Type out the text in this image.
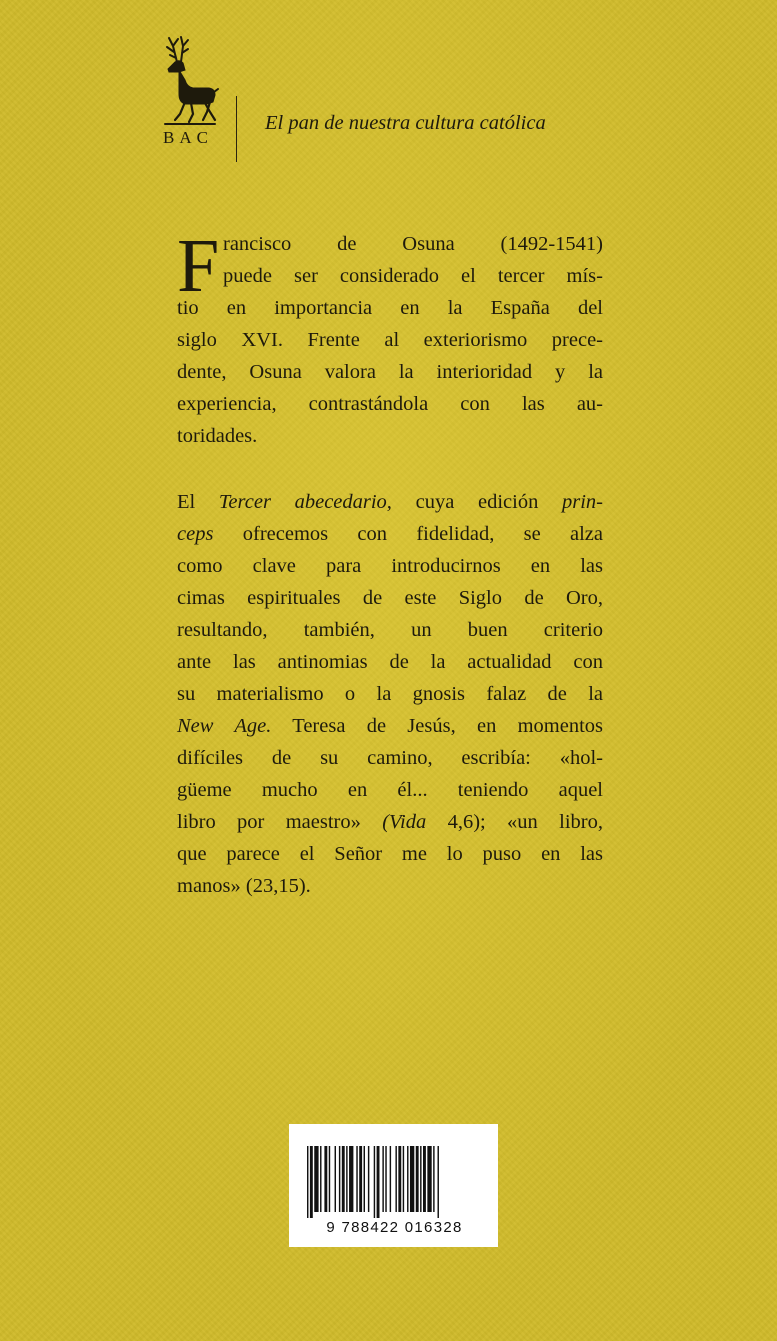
BAC
El pan de nuestra cultura católica
F rancisco de Osuna (1492-1541)
puede ser considerado el tercer mís-
tio en importancia en la España del
siglo XVI. Frente al exteriorismo prece-
dente, Osuna valora la interioridad y la
experiencia, contrastándola con las au-
toridades.
El Tercer abecedario, cuya edición prin-
ceps ofrecemos con fidelidad, se alza
como clave para introducirnos en las
cimas espirituales de este Siglo de Oro,
resultando, también, un buen criterio
ante las antinomias de la actualidad con
su materialismo o la gnosis falaz de la
New Age. Teresa de Jesús, en momentos
difíciles de su camino, escribía: «hol-
güeme mucho en él... teniendo aquel
libro por maestro» (Vida 4,6); «un libro,
que parece el Señor me lo puso en las
manos» (23,15).
9 788422 016328
